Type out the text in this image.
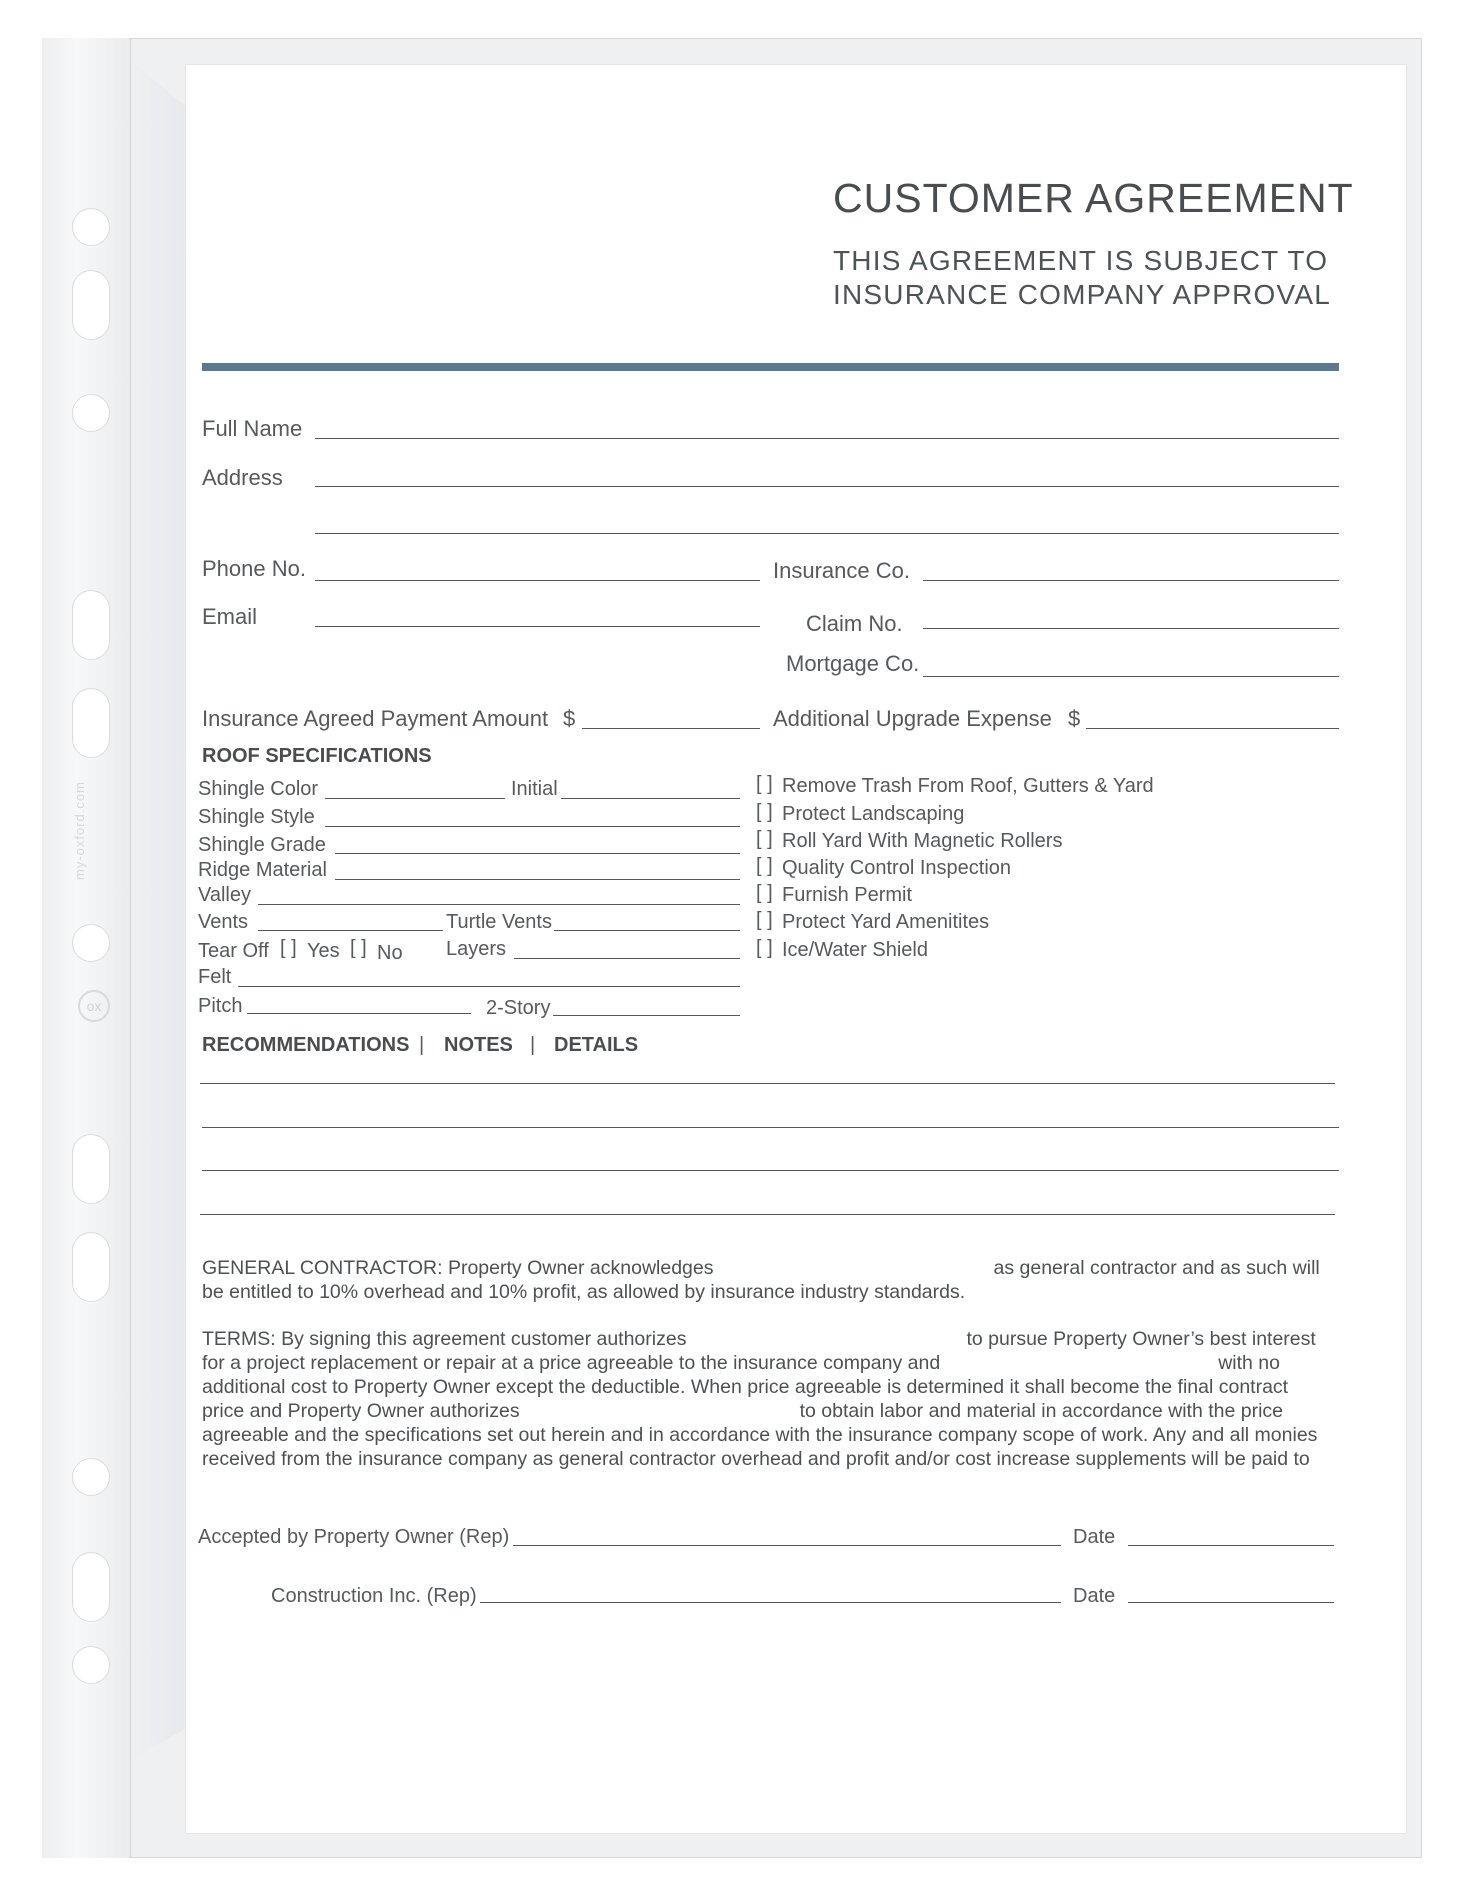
my-oxford.com
ox
CUSTOMER AGREEMENT
THIS AGREEMENT IS SUBJECT TO
INSURANCE COMPANY APPROVAL
Full Name
Address
Phone No.	Insurance Co.
Email	Claim No.
Mortgage Co.
Insurance Agreed Payment Amount $	Additional Upgrade Expense $
ROOF SPECIFICATIONS
Shingle Color	Initial
Shingle Style
Shingle Grade
Ridge Material
Valley
Vents	Turtle Vents
Tear Off [ ] Yes [ ] No Layers
Felt
Pitch	2-Story
[ ] Remove Trash From Roof, Gutters & Yard
[ ] Protect Landscaping
[ ] Roll Yard With Magnetic Rollers
[ ] Quality Control Inspection
[ ] Furnish Permit
[ ] Protect Yard Amenitites
[ ] Ice/Water Shield
RECOMMENDATIONS | NOTES | DETAILS
GENERAL CONTRACTOR: Property Owner acknowledges	as general contractor and as such will
be entitled to 10% overhead and 10% profit, as allowed by insurance industry standards.
TERMS: By signing this agreement customer authorizes	to pursue Property Owner’s best interest
for a project replacement or repair at a price agreeable to the insurance company and	with no
additional cost to Property Owner except the deductible. When price agreeable is determined it shall become the final contract
price and Property Owner authorizes	to obtain labor and material in accordance with the price
agreeable and the specifications set out herein and in accordance with the insurance company scope of work. Any and all monies
received from the insurance company as general contractor overhead and profit and/or cost increase supplements will be paid to
Accepted by Property Owner (Rep)	Date
Construction Inc. (Rep)	Date
